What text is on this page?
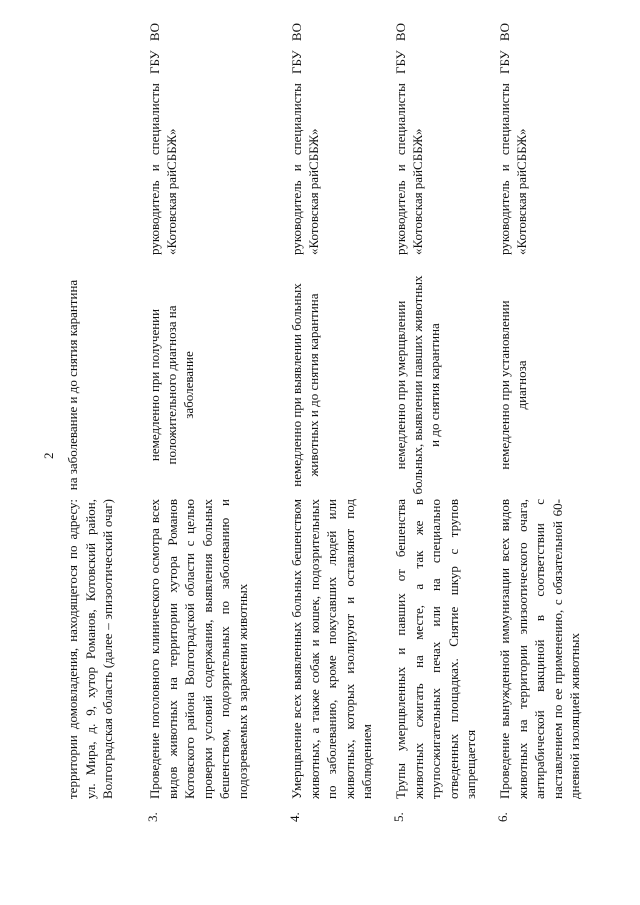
2
территории домовладения, находящегося по адресу: ул. Мира, д. 9, хутор Романов, Котовский район, Волгоградская область (далее – эпизоотический очаг)
на заболевание и до снятия карантина
3.
Проведение поголовного клинического осмотра всех видов животных на территории хутора Романов Котовского района Волгоградской области с целью проверки условий содержания, выявления больных бешенством, подозрительных по заболеванию и подозреваемых в заражении животных
немедленно при получении положительного диагноза на заболевание
руководитель и специалисты ГБУ ВО «Котовская райСББЖ»
4.
Умерщвление всех выявленных больных бешенством животных, а также собак и кошек, подозрительных по заболеванию, кроме покусавших людей или животных, которых изолируют и оставляют под наблюдением
немедленно при выявлении больных животных и до снятия карантина
руководитель и специалисты ГБУ ВО «Котовская райСББЖ»
5.
Трупы умерщвленных и павших от бешенства животных сжигать на месте, а так же в трупосжигательных печах или на специально отведенных площадках. Снятие шкур с трупов запрещается
немедленно при умерщвлении больных, выявлении павших животных и до снятия карантина
руководитель и специалисты ГБУ ВО «Котовская райСББЖ»
6.
Проведение вынужденной иммунизации всех видов животных на территории эпизоотического очага, антирабической вакциной в соответствии с наставлением по ее применению, с обязательной 60-дневной изоляцией животных
немедленно при установлении диагноза
руководитель и специалисты ГБУ ВО «Котовская райСББЖ»
